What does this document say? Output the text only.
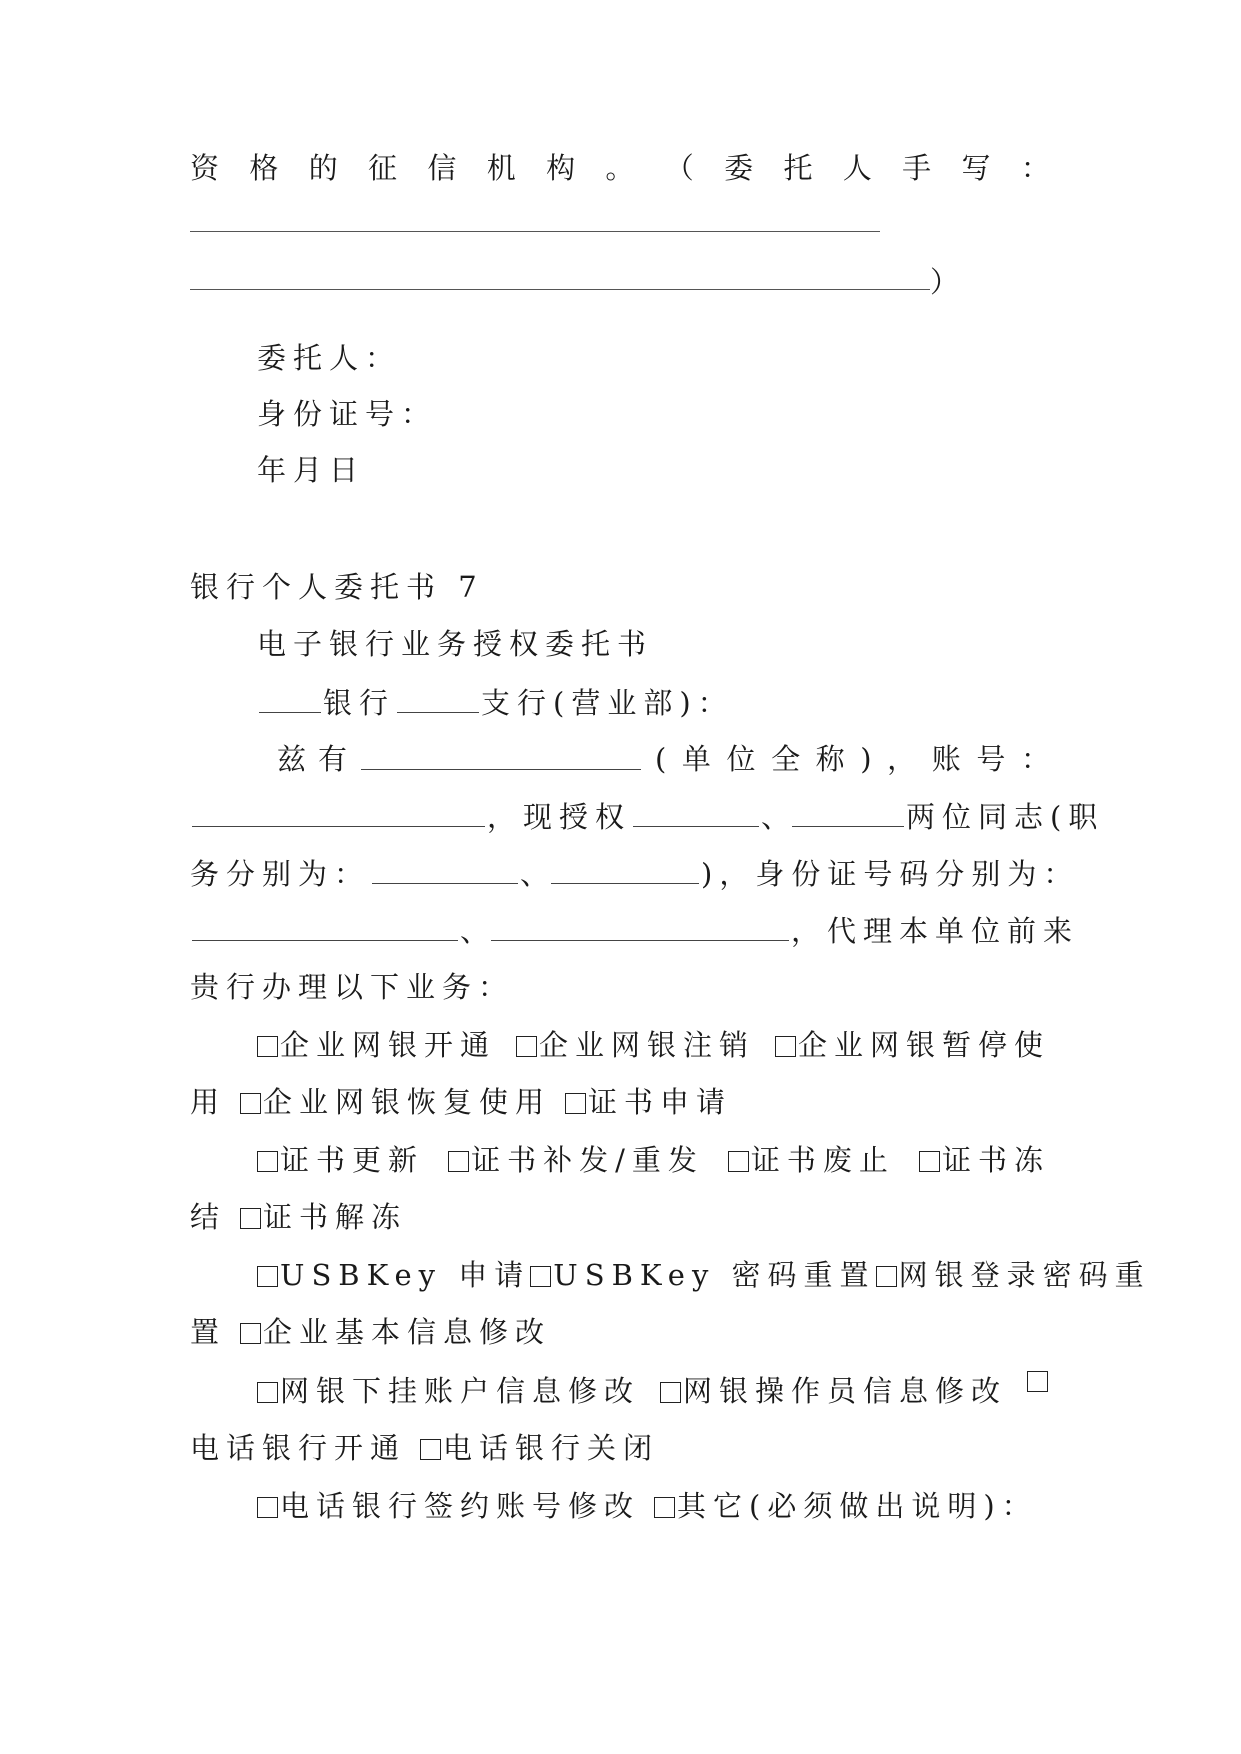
资 格 的 征 信 机 构 。 （ 委 托 人 手 写 ：
）
委托人：
身份证号：
年月日
银行个人委托书 7
电子银行业务授权委托书
银行	支行(营业部)：
兹 有	( 单 位 全 称 ) ， 账 号 ：
，现授权	、	两位同志(职
务分别为：	、	)，身份证号码分别为：
、	，代理本单位前来
贵行办理以下业务：
企业网银开通	企业网银注销	企业网银暂停使
用 企业网银恢复使用 证书申请
证书更新	证书补发/重发	证书废止	证书冻
结 证书解冻
USBKey 申请 USBKey 密码重置 网银登录密码重
置 企业基本信息修改
网银下挂账户信息修改	网银操作员信息修改
电话银行开通 电话银行关闭
电话银行签约账号修改 其它(必须做出说明)：
